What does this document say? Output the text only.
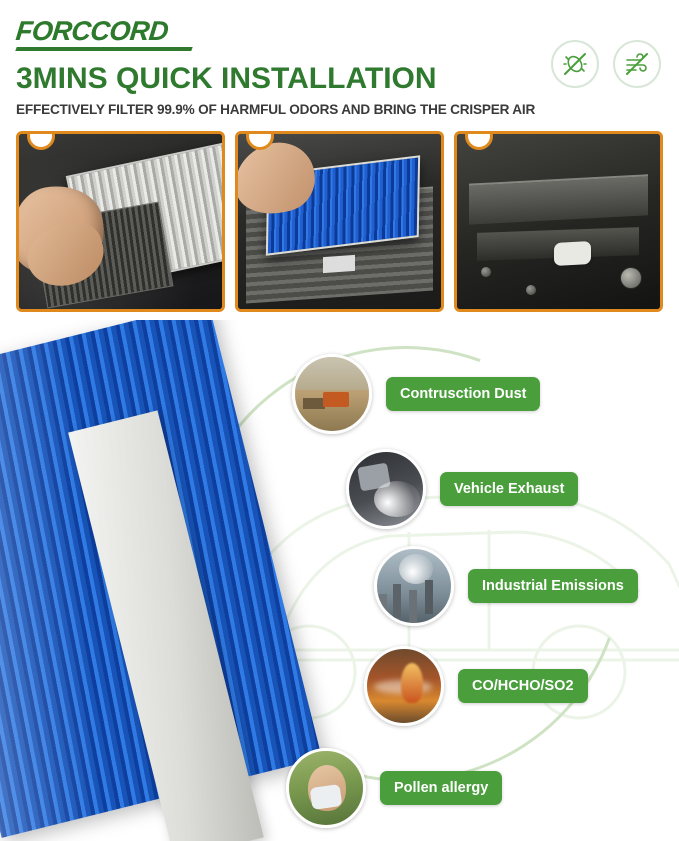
FORCCORD
3MINS QUICK INSTALLATION
EFFECTIVELY FILTER 99.9% OF HARMFUL ODORS AND BRING THE CRISPER AIR
Contrusction Dust
Vehicle Exhaust
Industrial Emissions
CO/HCHO/SO2
Pollen allergy
